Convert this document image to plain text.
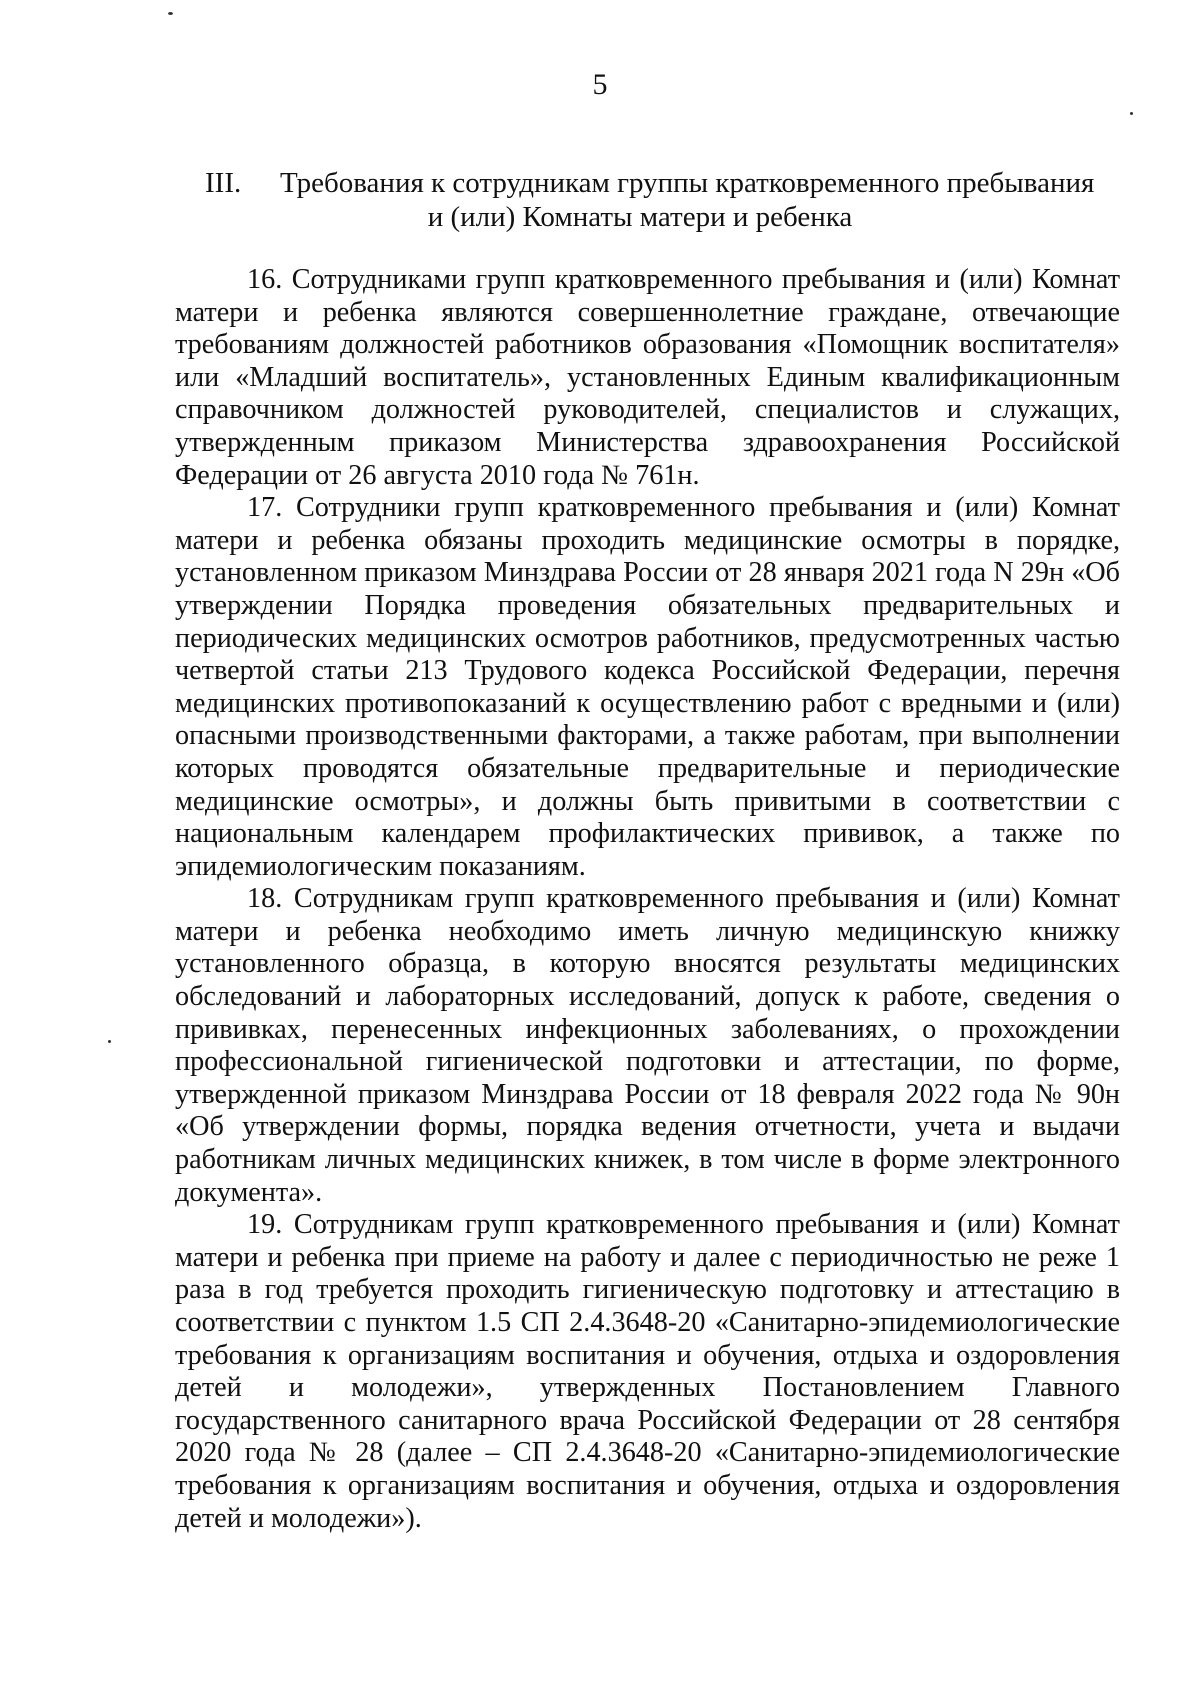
5
III. Требования к сотрудникам группы кратковременного пребывания
и (или) Комнаты матери и ребенка

16. Сотрудниками групп кратковременного пребывания и (или) Комнат матери и ребенка являются совершеннолетние граждане, отвечающие требованиям должностей работников образования «Помощник воспитателя» или «Младший воспитатель», установленных Единым квалификационным справочником должностей руководителей, специалистов и служащих, утвержденным приказом Министерства здравоохранения Российской Федерации от 26 августа 2010 года № 761н.

17. Сотрудники групп кратковременного пребывания и (или) Комнат матери и ребенка обязаны проходить медицинские осмотры в порядке, установленном приказом Минздрава России от 28 января 2021 года N 29н «Об утверждении Порядка проведения обязательных предварительных и периодических медицинских осмотров работников, предусмотренных частью четвертой статьи 213 Трудового кодекса Российской Федерации, перечня медицинских противопоказаний к осуществлению работ с вредными и (или) опасными производственными факторами, а также работам, при выполнении которых проводятся обязательные предварительные и периодические медицинские осмотры», и должны быть привитыми в соответствии с национальным календарем профилактических прививок, а также по эпидемиологическим показаниям.

18. Сотрудникам групп кратковременного пребывания и (или) Комнат матери и ребенка необходимо иметь личную медицинскую книжку установленного образца, в которую вносятся результаты медицинских обследований и лабораторных исследований, допуск к работе, сведения о прививках, перенесенных инфекционных заболеваниях, о прохождении профессиональной гигиенической подготовки и аттестации, по форме, утвержденной приказом Минздрава России от 18 февраля 2022 года № 90н «Об утверждении формы, порядка ведения отчетности, учета и выдачи работникам личных медицинских книжек, в том числе в форме электронного документа».

19. Сотрудникам групп кратковременного пребывания и (или) Комнат матери и ребенка при приеме на работу и далее с периодичностью не реже 1 раза в год требуется проходить гигиеническую подготовку и аттестацию в соответствии с пунктом 1.5 СП 2.4.3648-20 «Санитарно-эпидемиологические требования к организациям воспитания и обучения, отдыха и оздоровления детей и молодежи», утвержденных Постановлением Главного государственного санитарного врача Российской Федерации от 28 сентября 2020 года № 28 (далее – СП 2.4.3648-20 «Санитарно-эпидемиологические требования к организациям воспитания и обучения, отдыха и оздоровления детей и молодежи»).
